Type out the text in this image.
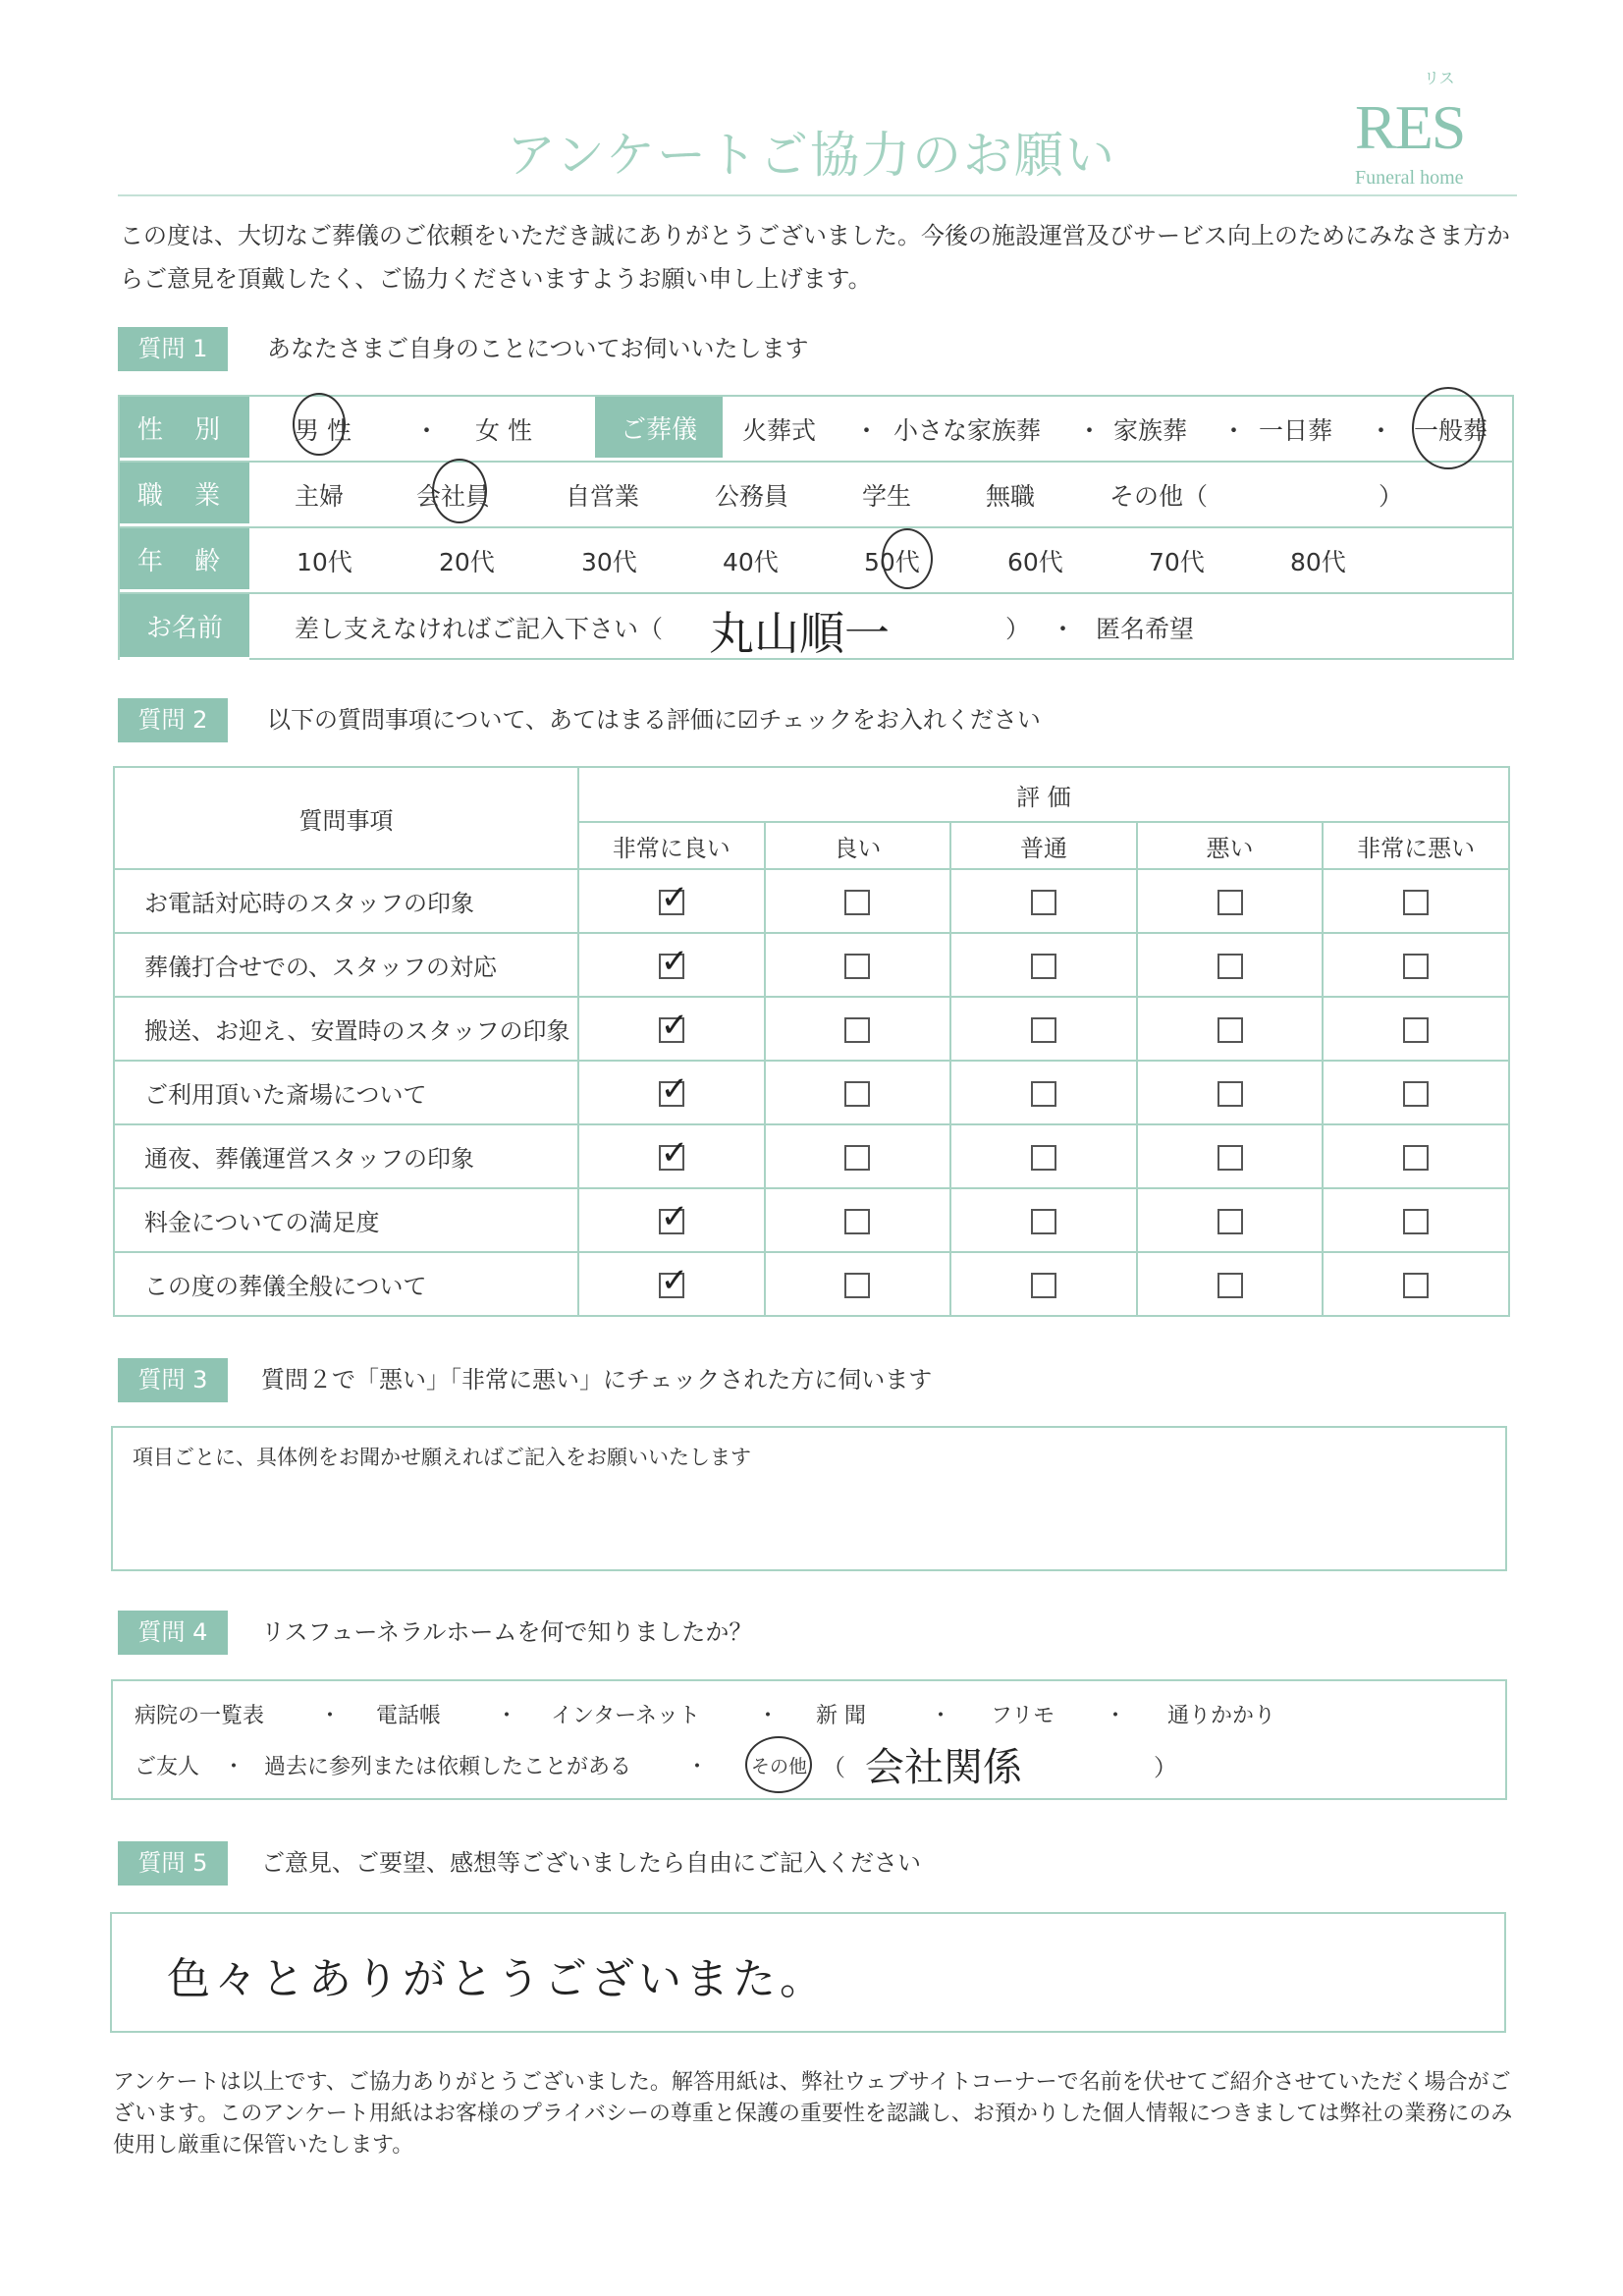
アンケートご協力のお願い
リス
RES
Funeral home
この度は、大切なご葬儀のご依頼をいただき誠にありがとうございました。今後の施設運営及びサービス向上のためにみなさま方からご意見を頂戴したく、ご協力くださいますようお願い申し上げます。
質問 1	あなたさまご自身のことについてお伺いいたします
性 別	男 性	・ 女 性	ご葬儀	火葬式 ・ 小さな家族葬 ・ 家族葬 ・ 一日葬 ・ 一般葬
職 業	主婦	会社員	自営業	公務員	学生	無職	その他（	）
年 齢	10代	20代	30代	40代	50代	60代	70代	80代
お名前	差し支えなければご記入下さい（ 丸山順一	） ・ 匿名希望
質問 2	以下の質問事項について、あてはまる評価に☑チェックをお入れください
質問事項	評 価				
	非常に良い	良い	普通	悪い	非常に悪い
お電話対応時のスタッフの印象	✓				

葬儀打合せでの、スタッフの対応	✓				

搬送、お迎え、安置時のスタッフの印象	✓				

ご利用頂いた斎場について	✓				

通夜、葬儀運営スタッフの印象	✓				

料金についての満足度	✓				

この度の葬儀全般について	✓				

質問 3	質問２で「悪い」「非常に悪い」にチェックされた方に伺います
項目ごとに、具体例をお聞かせ願えればご記入をお願いいたします
質問 4	リスフューネラルホームを何で知りましたか？
病院の一覧表	・ 電話帳	・ インターネット	・ 新 聞	・ フリモ ・ 通りかかり
ご友人 ・ 過去に参列または依頼したことがある	・ その他 （ 会社関係	）
質問 5	ご意見、ご要望、感想等ございましたら自由にご記入ください
色々とありがとうございまた。
アンケートは以上です、ご協力ありがとうございました。解答用紙は、弊社ウェブサイトコーナーで名前を伏せてご紹介させていただく場合がございます。このアンケート用紙はお客様のプライバシーの尊重と保護の重要性を認識し、お預かりした個人情報につきましては弊社の業務にのみ使用し厳重に保管いたします。
